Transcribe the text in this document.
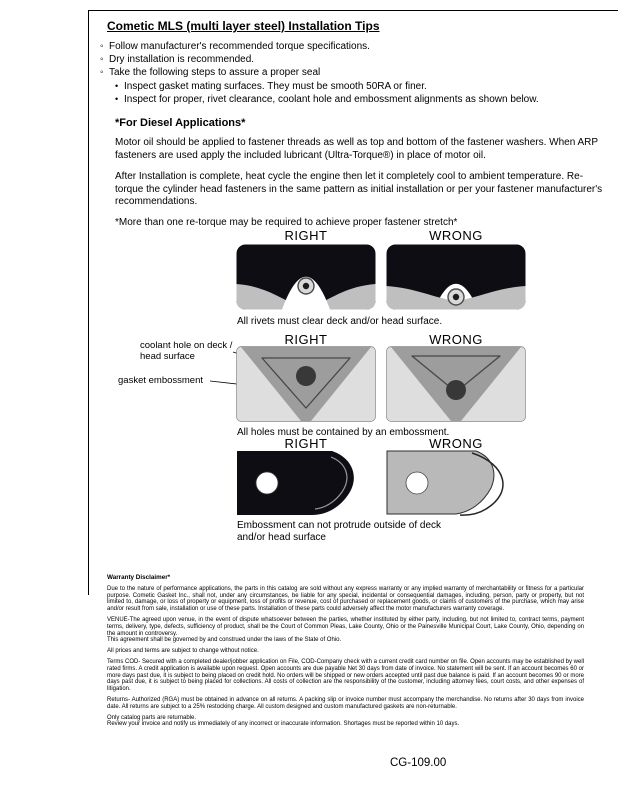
Cometic MLS (multi layer steel) Installation Tips
◦ Follow manufacturer's recommended torque specifications.
◦ Dry installation is recommended.
◦ Take the following steps to assure a proper seal
• Inspect gasket mating surfaces. They must be smooth 50RA or finer.
• Inspect for proper, rivet clearance, coolant hole and embossment alignments as shown below.
*For Diesel Applications*

Motor oil should be applied to fastener threads as well as top and bottom of the fastener washers. When ARP fasteners are used apply the included lubricant (Ultra-Torque®) in place of motor oil.

After Installation is complete, heat cycle the engine then let it completely cool to ambient temperature. Re-torque the cylinder head fasteners in the same pattern as initial installation or per your fastener manufacturer's recommendations.

*More than one re-torque may be required to achieve proper fastener stretch*

RIGHT	WRONG
All rivets must clear deck and/or head surface.
RIGHT	WRONG
coolant hole on deck / head surface
gasket embossment
All holes must be contained by an embossment.
RIGHT	WRONG
Embossment can not protrude outside of deck and/or head surface
Warranty Disclaimer*

Due to the nature of performance applications, the parts in this catalog are sold without any express warranty or any implied warranty of merchantability or fitness for a particular purpose. Cometic Gasket Inc., shall not, under any circumstances, be liable for any special, incidental or consequential damages, including, person, party or property, but not limited to, damage, or loss of property or equipment, loss of profits or revenue, cost of purchased or replacement goods, or claims of customers of the purchase, which may arise and/or result from sale, installation or use of these parts. Installation of these parts could adversely affect the motor manufacturers warranty coverage.

VENUE-The agreed upon venue, in the event of dispute whatsoever between the parties, whether instituted by either party, including, but not limited to, contract terms, payment terms, delivery, type, defects, sufficiency of product, shall be the Court of Common Pleas, Lake County, Ohio or the Painesville Municipal Court, Lake County, Ohio, depending on the amount in controversy.

This agreement shall be governed by and construed under the laws of the State of Ohio.

All prices and terms are subject to change without notice.

Terms COD- Secured with a completed dealer/jobber application on File, COD-Company check with a current credit card number on file. Open accounts may be established by well rated firms. A credit application is available upon request. Open accounts are due payable Net 30 days from date of invoice. No statement will be sent. If an account becomes 60 or more days past due, it is subject to being placed on credit hold. No orders will be shipped or new orders accepted until past due balance is paid. If an account becomes 90 or more days past due, it is subject to being placed for collections. All costs of collection are the responsibility of the customer, including attorney fees, court costs, and other expenses of litigation.

Returns- Authorized (RGA) must be obtained in advance on all returns. A packing slip or invoice number must accompany the merchandise. No returns after 30 days from invoice date. All returns are subject to a 25% restocking charge. All custom designed and custom manufactured gaskets are non-returnable.

Only catalog parts are returnable.

Review your invoice and notify us immediately of any incorrect or inaccurate information. Shortages must be reported within 10 days.

CG-109.00
